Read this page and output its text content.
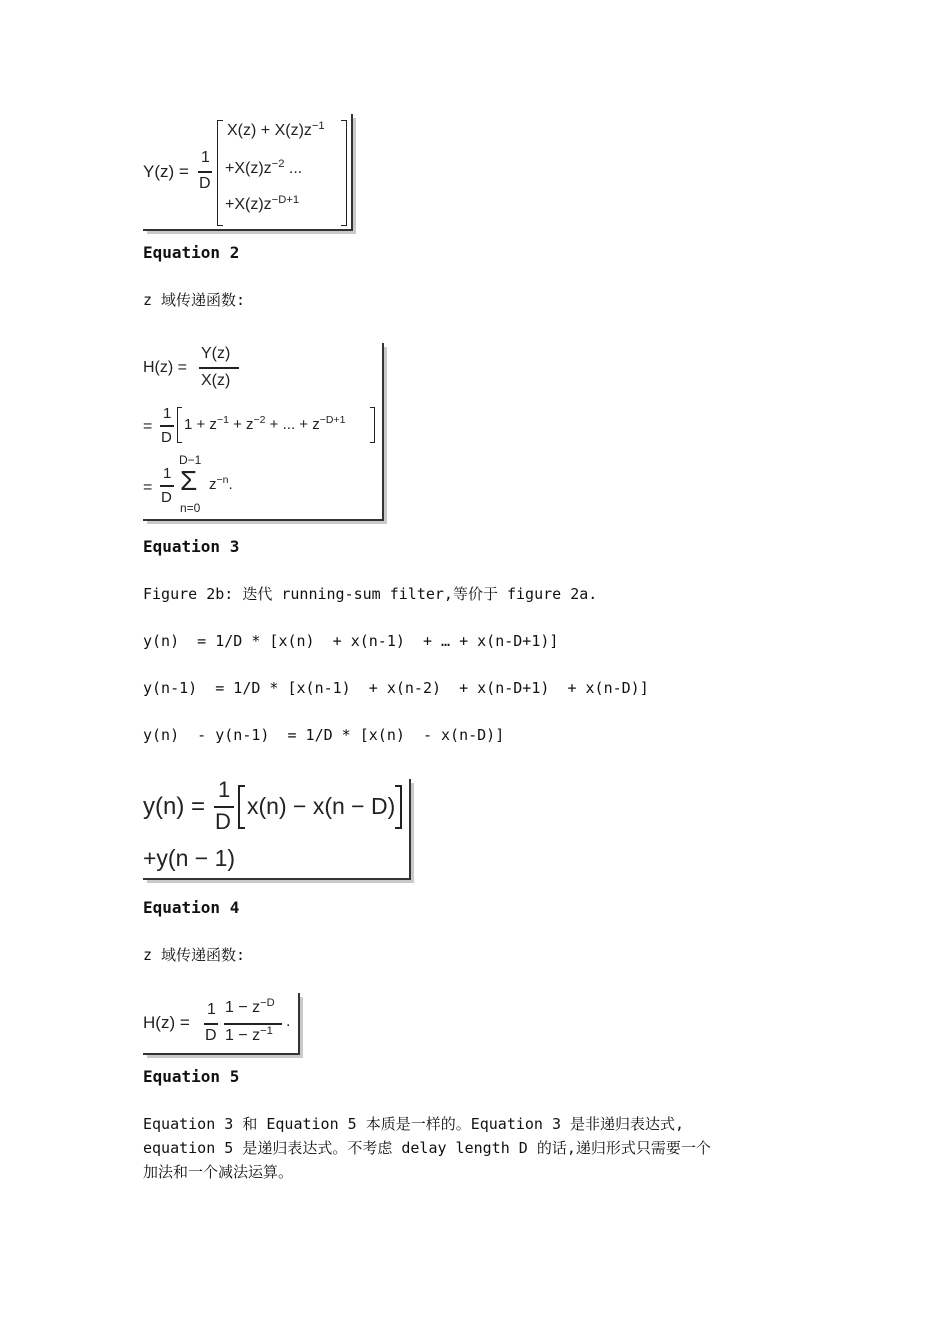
Y(z) =
1
D
$X(z) + X(z)z^{-1}$
$+X(z)z^{-2}$ ...
$+X(z)z^{-D+1}$
Equation 2
z 域传递函数:
H(z) =
Y(z)
X(z)
=
1
D
$1 + z^{-1} + z^{-2}$ + ... + $z^{-D+1}$
=
1
D
D−1
Σ
n=0
$z^{-n}$.
Equation 3
Figure 2b: 迭代 running-sum filter,等价于 figure 2a.
y(n)  = 1/D * [x(n)  + x(n-1)  + … + x(n-D+1)]
y(n-1)  = 1/D * [x(n-1)  + x(n-2)  + x(n-D+1)  + x(n-D)]
y(n)  - y(n-1)  = 1/D * [x(n)  - x(n-D)]
y(n) =
1
D
x(n) − x(n − D)
+y(n − 1)
Equation 4
z 域传递函数:
H(z) =
1
D
$1 - z^{-D}$
$1 - z^{-1}$
.
Equation 5
Equation 3 和 Equation 5 本质是一样的。Equation 3 是非递归表达式,
equation 5 是递归表达式。不考虑 delay length D 的话,递归形式只需要一个
加法和一个减法运算。
